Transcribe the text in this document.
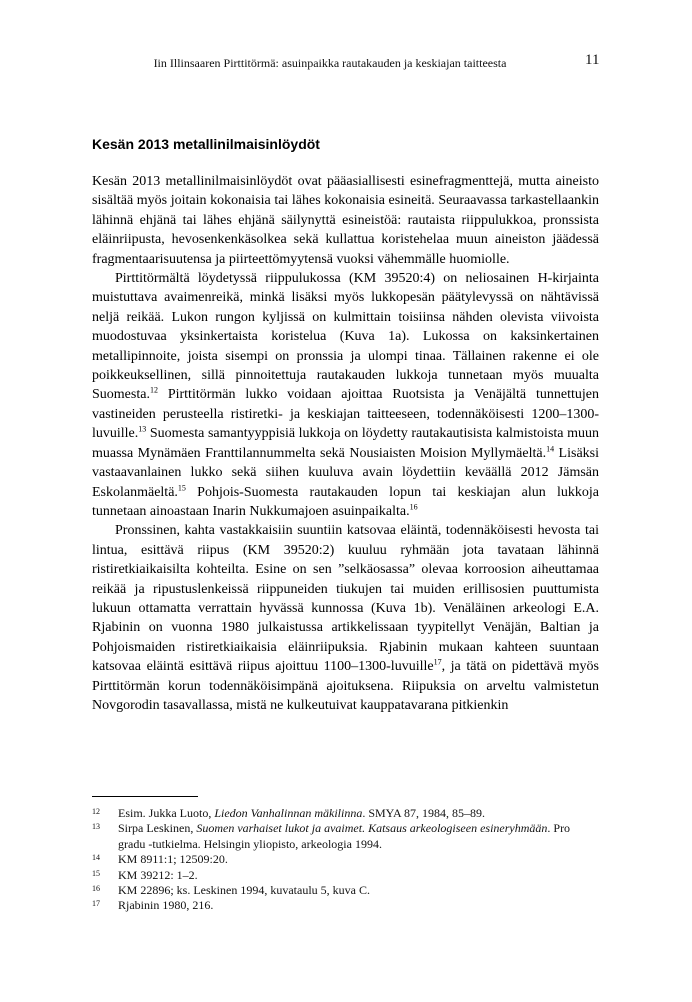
Iin Illinsaaren Pirttitörmä: asuinpaikka rautakauden ja keskiajan taitteesta	11
Kesän 2013 metallinilmaisinlöydöt

Kesän 2013 metallinilmaisinlöydöt ovat pääasiallisesti esinefragmenttejä, mutta aineisto sisältää myös joitain kokonaisia tai lähes kokonaisia esineitä. Seuraavassa tarkastellaankin lähinnä ehjänä tai lähes ehjänä säilynyttä esineistöä: rautaista riippulukkoa, pronssista eläinriipusta, hevosenkenkäsolkea sekä kullattua koristehelaa muun aineiston jäädessä fragmentaarisuutensa ja piirteettömyytensä vuoksi vähemmälle huomiolle.

Pirttitörmältä löydetyssä riippulukossa (KM 39520:4) on neliosainen H-kirjainta muistuttava avaimenreikä, minkä lisäksi myös lukkopesän päätylevyssä on nähtävissä neljä reikää. Lukon rungon kyljissä on kulmittain toisiinsa nähden olevista viivoista muodostuvaa yksinkertaista koristelua (Kuva 1a). Lukossa on kaksinkertainen metallipinnoite, joista sisempi on pronssia ja ulompi tinaa. Tällainen rakenne ei ole poikkeuksellinen, sillä pinnoitettuja rautakauden lukkoja tunnetaan myös muualta Suomesta.$^{12}$ Pirttitörmän lukko voidaan ajoittaa Ruotsista ja Venäjältä tunnettujen vastineiden perusteella ristiretki- ja keskiajan taitteeseen, todennäköisesti 1200–1300-luvuille.$^{13}$ Suomesta samantyyppisiä lukkoja on löydetty rautakautisista kalmistoista muun muassa Mynämäen Franttilannummelta sekä Nousiaisten Moision Myllymäeltä.$^{14}$ Lisäksi vastaavanlainen lukko sekä siihen kuuluva avain löydettiin keväällä 2012 Jämsän Eskolanmäeltä.$^{15}$ Pohjois-Suomesta rautakauden lopun tai keskiajan alun lukkoja tunnetaan ainoastaan Inarin Nukkumajoen asuinpaikalta.$^{16}$

Pronssinen, kahta vastakkaisiin suuntiin katsovaa eläintä, todennäköisesti hevosta tai lintua, esittävä riipus (KM 39520:2) kuuluu ryhmään jota tavataan lähinnä ristiretkiaikaisilta kohteilta. Esine on sen ”selkäosassa” olevaa korroosion aiheuttamaa reikää ja ripustuslenkeissä riippuneiden tiukujen tai muiden erillisosien puuttumista lukuun ottamatta verrattain hyvässä kunnossa (Kuva 1b). Venäläinen arkeologi E.A. Rjabinin on vuonna 1980 julkaistussa artikkelissaan tyypitellyt Venäjän, Baltian ja Pohjoismaiden ristiretkiaikaisia eläinriipuksia. Rjabinin mukaan kahteen suuntaan katsovaa eläintä esittävä riipus ajoittuu 1100–1300-luvuille$^{17}$, ja tätä on pidettävä myös Pirttitörmän korun todennäköisimpänä ajoituksena. Riipuksia on arveltu valmistetun Novgorodin tasavallassa, mistä ne kulkeutuivat kauppatavarana pitkienkin

12	Esim. Jukka Luoto, Liedon Vanhalinnan mäkilinna. SMYA 87, 1984, 85–89.
13	Sirpa Leskinen, Suomen varhaiset lukot ja avaimet. Katsaus arkeologiseen esineryhmään. Pro gradu -tutkielma. Helsingin yliopisto, arkeologia 1994.
14	KM 8911:1; 12509:20.
15	KM 39212: 1–2.
16	KM 22896; ks. Leskinen 1994, kuvataulu 5, kuva C.
17	Rjabinin 1980, 216.
